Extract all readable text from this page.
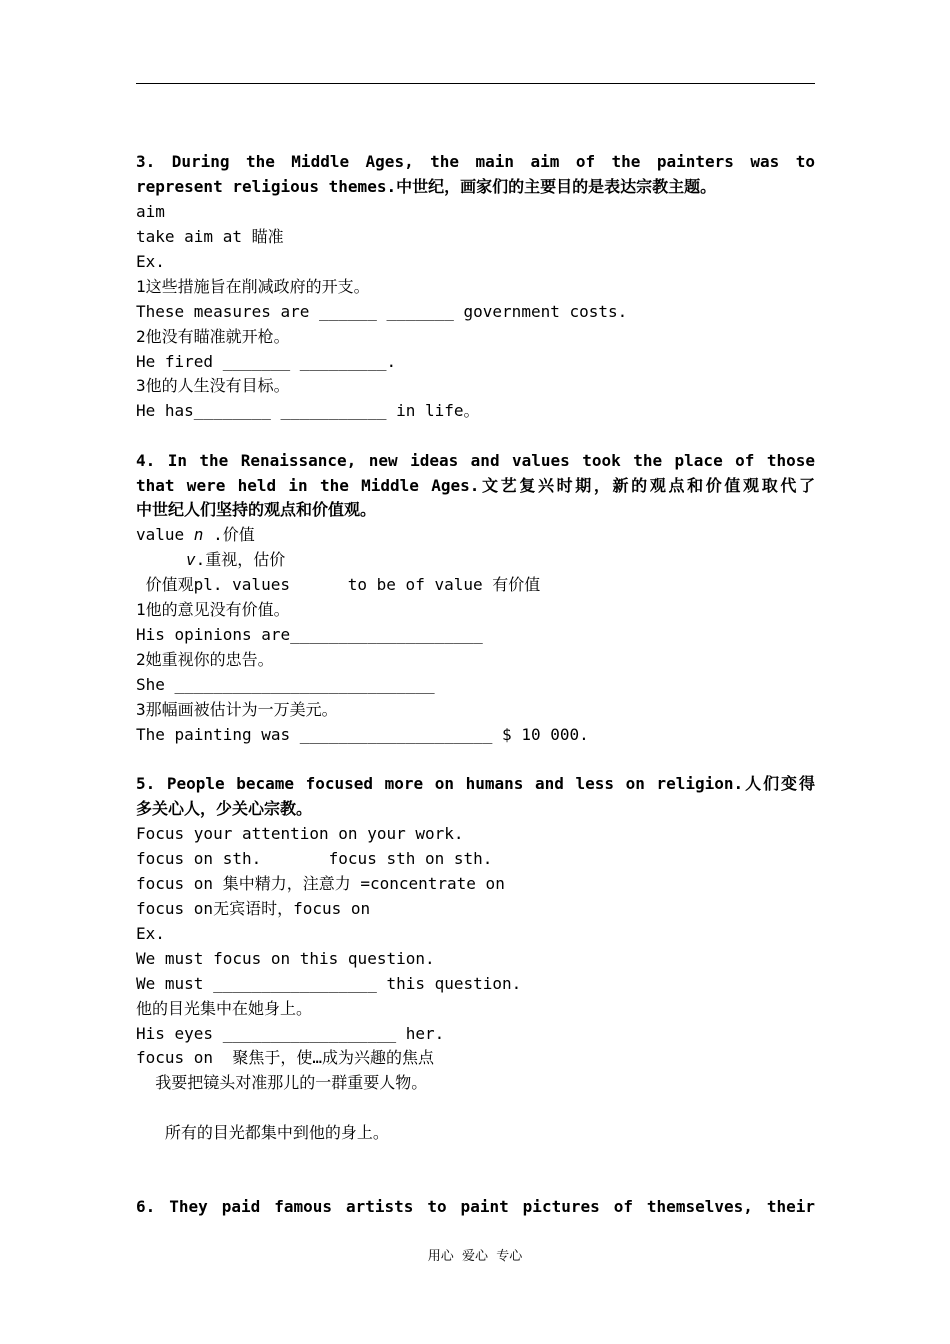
3. During the Middle Ages, the main aim of the painters was to
represent religious themes.中世纪，画家们的主要目的是表达宗教主题。
aim
take aim at 瞄准
Ex.
1这些措施旨在削减政府的开支。
These measures are ______ _______ government costs.
2他没有瞄准就开枪。
He fired _______ _________.
3他的人生没有目标。
He has________ ___________ in life。
4. In the Renaissance, new ideas and values took the place of those
that were held in the Middle Ages.文艺复兴时期，新的观点和价值观取代了
中世纪人们坚持的观点和价值观。
value n .价值
v.重视，估价
价值观pl. values      to be of value 有价值
1他的意见没有价值。
His opinions are____________________
2她重视你的忠告。
She ___________________________
3那幅画被估计为一万美元。
The painting was ____________________ $ 10 000.
5. People became focused more on humans and less on religion.人们变得
多关心人，少关心宗教。
Focus your attention on your work.
focus on sth.       focus sth on sth.
focus on 集中精力，注意力 =concentrate on
focus on无宾语时，focus on
Ex.
We must focus on this question.
We must _________________ this question.
他的目光集中在她身上。
His eyes __________________ her.
focus on  聚焦于，使…成为兴趣的焦点
我要把镜头对准那儿的一群重要人物。
所有的目光都集中到他的身上。
6. They paid famous artists to paint pictures of themselves, their
用心  爱心  专心
